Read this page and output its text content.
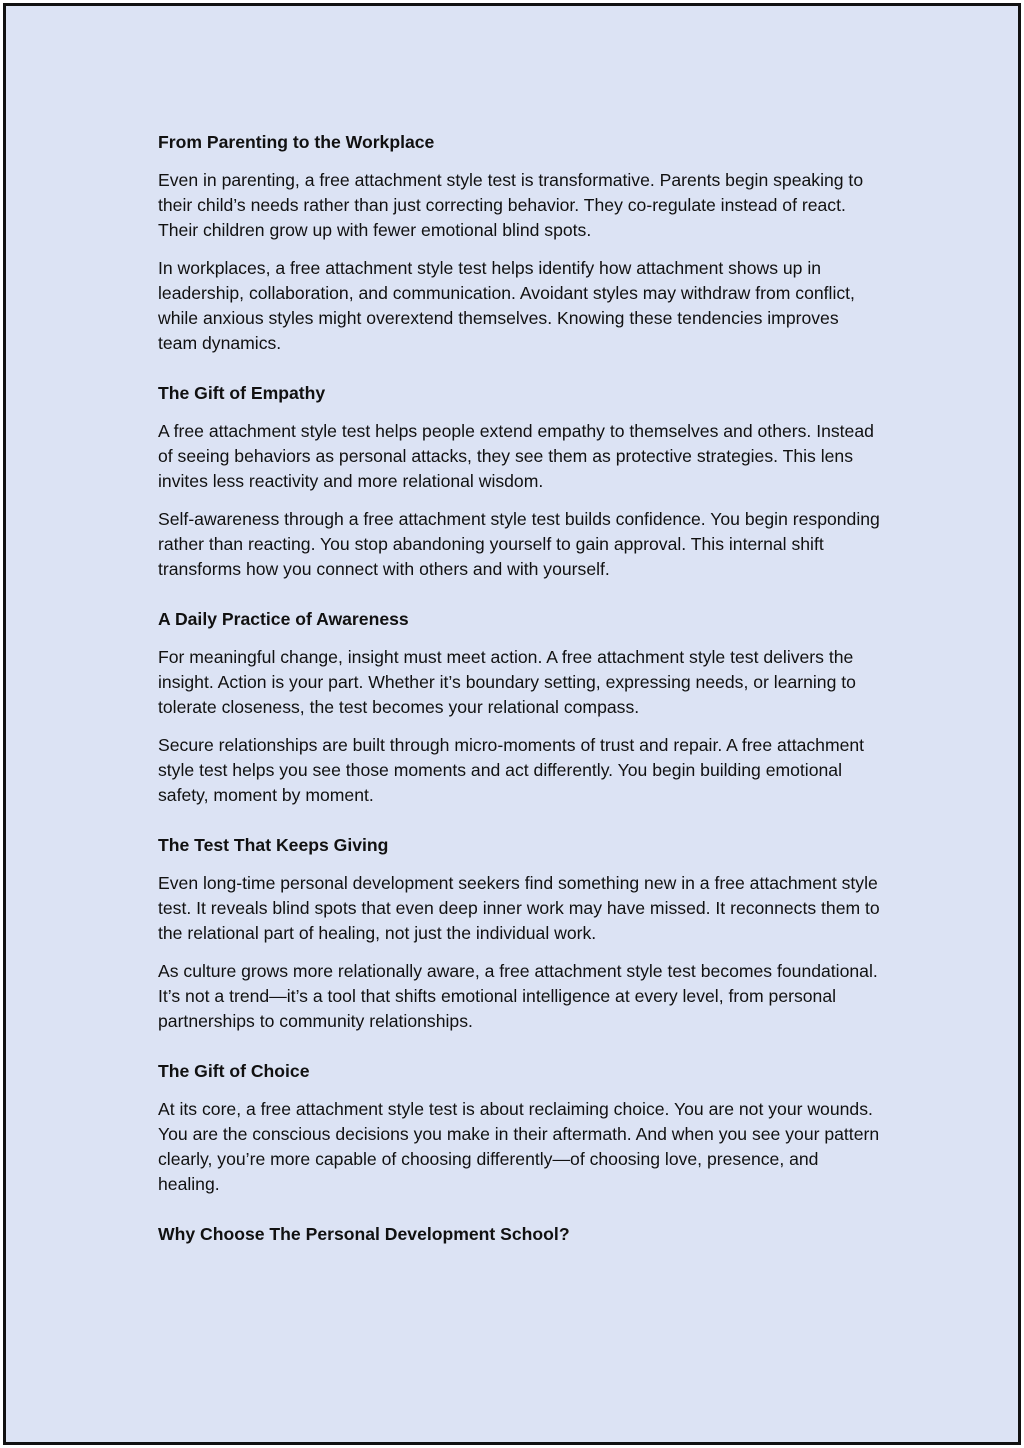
From Parenting to the Workplace

Even in parenting, a free attachment style test is transformative. Parents begin speaking to their child’s needs rather than just correcting behavior. They co-regulate instead of react. Their children grow up with fewer emotional blind spots.

In workplaces, a free attachment style test helps identify how attachment shows up in leadership, collaboration, and communication. Avoidant styles may withdraw from conflict, while anxious styles might overextend themselves. Knowing these tendencies improves team dynamics.

The Gift of Empathy

A free attachment style test helps people extend empathy to themselves and others. Instead of seeing behaviors as personal attacks, they see them as protective strategies. This lens invites less reactivity and more relational wisdom.

Self-awareness through a free attachment style test builds confidence. You begin responding rather than reacting. You stop abandoning yourself to gain approval. This internal shift transforms how you connect with others and with yourself.

A Daily Practice of Awareness

For meaningful change, insight must meet action. A free attachment style test delivers the insight. Action is your part. Whether it’s boundary setting, expressing needs, or learning to tolerate closeness, the test becomes your relational compass.

Secure relationships are built through micro-moments of trust and repair. A free attachment style test helps you see those moments and act differently. You begin building emotional safety, moment by moment.

The Test That Keeps Giving

Even long-time personal development seekers find something new in a free attachment style test. It reveals blind spots that even deep inner work may have missed. It reconnects them to the relational part of healing, not just the individual work.

As culture grows more relationally aware, a free attachment style test becomes foundational. It’s not a trend—it’s a tool that shifts emotional intelligence at every level, from personal partnerships to community relationships.

The Gift of Choice

At its core, a free attachment style test is about reclaiming choice. You are not your wounds. You are the conscious decisions you make in their aftermath. And when you see your pattern clearly, you’re more capable of choosing differently—of choosing love, presence, and healing.

Why Choose The Personal Development School?
